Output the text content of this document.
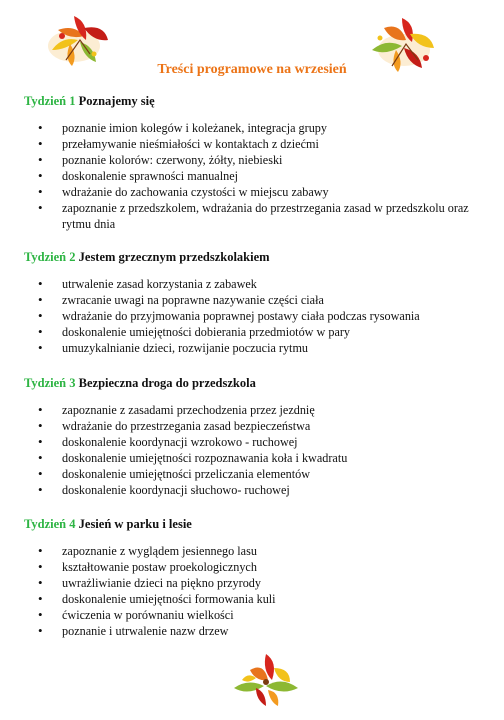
Treści programowe na wrzesień
Tydzień 1 Poznajemy się
• poznanie imion kolegów i koleżanek, integracja grupy
• przełamywanie nieśmiałości w kontaktach z dziećmi
• poznanie kolorów: czerwony, żółty, niebieski
• doskonalenie sprawności manualnej
• wdrażanie do zachowania czystości w miejscu zabawy
• zapoznanie z przedszkolem, wdrażania do przestrzegania zasad w przedszkolu oraz rytmu dnia
Tydzień 2 Jestem grzecznym przedszkolakiem
• utrwalenie zasad korzystania z zabawek
• zwracanie uwagi na poprawne nazywanie części ciała
• wdrażanie do przyjmowania poprawnej postawy ciała podczas rysowania
• doskonalenie umiejętności dobierania przedmiotów w pary
• umuzykalnianie dzieci, rozwijanie poczucia rytmu
Tydzień 3 Bezpieczna droga do przedszkola
• zapoznanie z zasadami przechodzenia przez jezdnię
• wdrażanie do przestrzegania zasad bezpieczeństwa
• doskonalenie koordynacji wzrokowo - ruchowej
• doskonalenie umiejętności rozpoznawania koła i kwadratu
• doskonalenie umiejętności przeliczania elementów
• doskonalenie koordynacji słuchowo- ruchowej
Tydzień 4 Jesień w parku i lesie
• zapoznanie z wyglądem jesiennego lasu
• kształtowanie postaw proekologicznych
• uwrażliwianie dzieci na piękno przyrody
• doskonalenie umiejętności formowania kuli
• ćwiczenia w porównaniu wielkości
• poznanie i utrwalenie nazw drzew
